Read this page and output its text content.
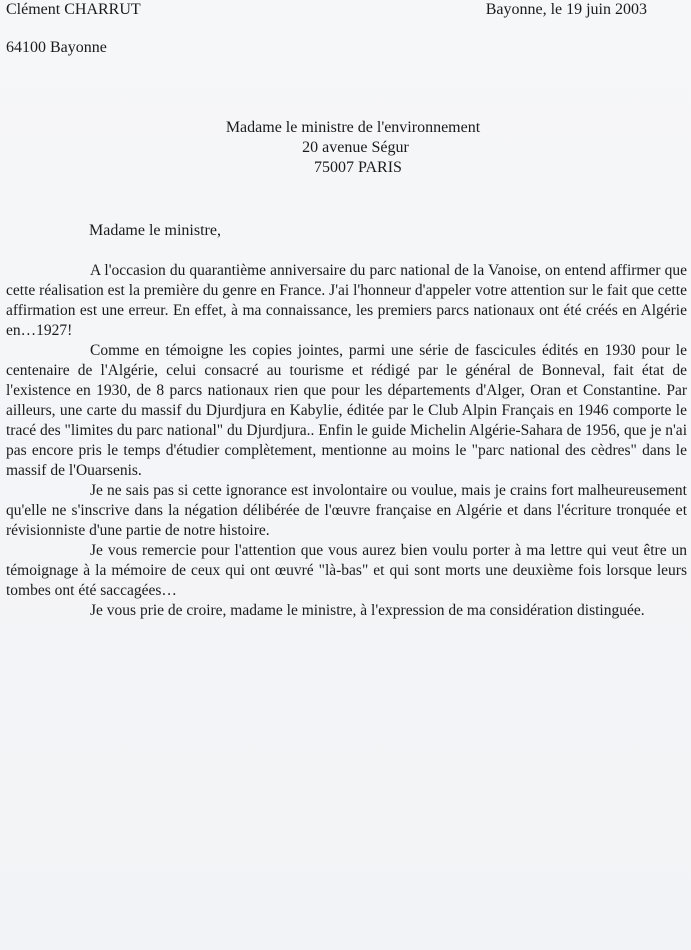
Clément CHARRUT
64100 Bayonne
Bayonne, le 19 juin 2003
Madame le ministre de l'environnement
20 avenue Ségur
75007 PARIS
Madame le ministre,

A l'occasion du quarantième anniversaire du parc national de la Vanoise, on entend affirmer que cette réalisation est la première du genre en France. J'ai l'honneur d'appeler votre attention sur le fait que cette affirmation est une erreur. En effet, à ma connaissance, les premiers parcs nationaux ont été créés en Algérie en…1927!

Comme en témoigne les copies jointes, parmi une série de fascicules édités en 1930 pour le centenaire de l'Algérie, celui consacré au tourisme et rédigé par le général de Bonneval, fait état de l'existence en 1930, de 8 parcs nationaux rien que pour les départements d'Alger, Oran et Constantine. Par ailleurs, une carte du massif du Djurdjura en Kabylie, éditée par le Club Alpin Français en 1946 comporte le tracé des "limites du parc national" du Djurdjura.. Enfin le guide Michelin Algérie-Sahara de 1956, que je n'ai pas encore pris le temps d'étudier complètement, mentionne au moins le "parc national des cèdres" dans le massif de l'Ouarsenis.

Je ne sais pas si cette ignorance est involontaire ou voulue, mais je crains fort malheureusement qu'elle ne s'inscrive dans la négation délibérée de l'œuvre française en Algérie et dans l'écriture tronquée et révisionniste d'une partie de notre histoire.

Je vous remercie pour l'attention que vous aurez bien voulu porter à ma lettre qui veut être un témoignage à la mémoire de ceux qui ont œuvré "là-bas" et qui sont morts une deuxième fois lorsque leurs tombes ont été saccagées…

Je vous prie de croire, madame le ministre, à l'expression de ma considération distinguée.
